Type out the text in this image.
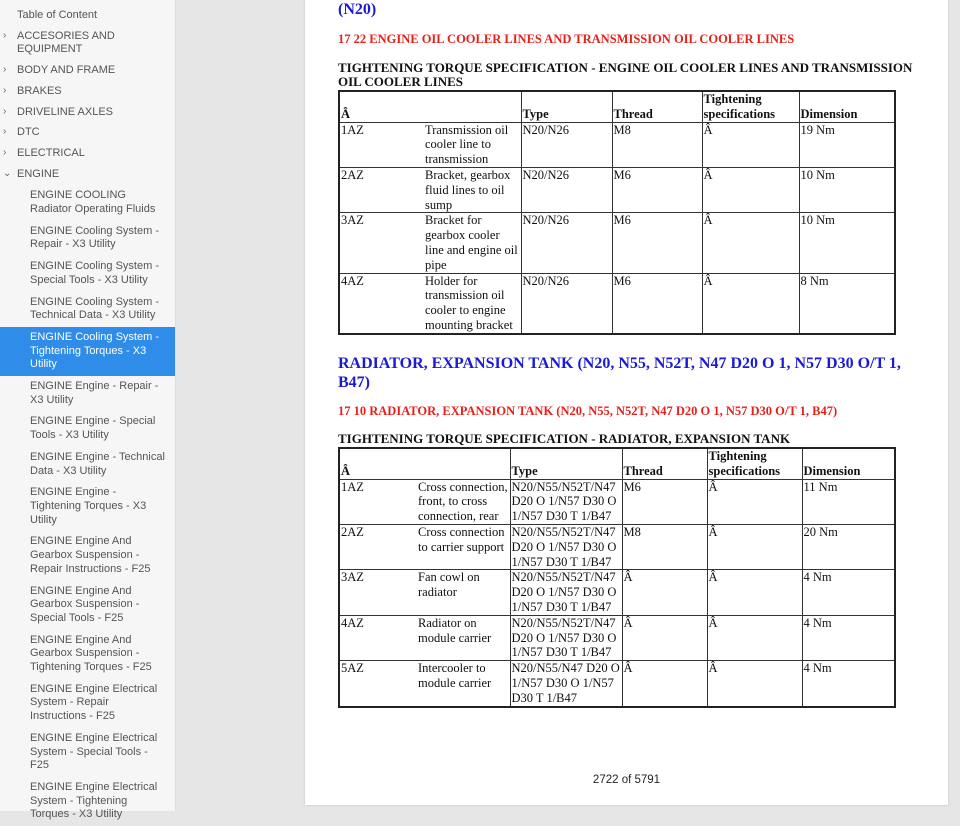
Table of Content
› ACCESORIES AND EQUIPMENT
› BODY AND FRAME
› BRAKES
› DRIVELINE AXLES
› DTC
› ELECTRICAL
⌄ ENGINE
ENGINE COOLING Radiator Operating Fluids
ENGINE Cooling System - Repair - X3 Utility
ENGINE Cooling System - Special Tools - X3 Utility
ENGINE Cooling System - Technical Data - X3 Utility
ENGINE Cooling System - Tightening Torques - X3 Utility
ENGINE Engine - Repair - X3 Utility
ENGINE Engine - Special Tools - X3 Utility
ENGINE Engine - Technical Data - X3 Utility
ENGINE Engine - Tightening Torques - X3 Utility
ENGINE Engine And Gearbox Suspension - Repair Instructions - F25
ENGINE Engine And Gearbox Suspension - Special Tools - F25
ENGINE Engine And Gearbox Suspension - Tightening Torques - F25
ENGINE Engine Electrical System - Repair Instructions - F25
ENGINE Engine Electrical System - Special Tools - F25
ENGINE Engine Electrical System - Tightening Torques - X3 Utility
(N20)
17 22 ENGINE OIL COOLER LINES AND TRANSMISSION OIL COOLER LINES
TIGHTENING TORQUE SPECIFICATION - ENGINE OIL COOLER LINES AND TRANSMISSION OIL COOLER LINES
Â		Type	Thread	Tightening specifications	Dimension
1AZ	Transmission oil cooler line to transmission	N20/N26	M8	Â	19 Nm
2AZ	Bracket, gearbox fluid lines to oil sump	N20/N26	M6	Â	10 Nm
3AZ	Bracket for gearbox cooler line and engine oil pipe	N20/N26	M6	Â	10 Nm
4AZ	Holder for transmission oil cooler to engine mounting bracket	N20/N26	M6	Â	8 Nm
RADIATOR, EXPANSION TANK (N20, N55, N52T, N47 D20 O 1, N57 D30 O/T 1, B47)
17 10 RADIATOR, EXPANSION TANK (N20, N55, N52T, N47 D20 O 1, N57 D30 O/T 1, B47)
TIGHTENING TORQUE SPECIFICATION - RADIATOR, EXPANSION TANK
Â		Type	Thread	Tightening specifications	Dimension
1AZ	Cross connection, front, to cross connection, rear	N20/N55/N52T/N47 D20 O 1/N57 D30 O 1/N57 D30 T 1/B47	M6	Â	11 Nm
2AZ	Cross connection to carrier support	N20/N55/N52T/N47 D20 O 1/N57 D30 O 1/N57 D30 T 1/B47	M8	Â	20 Nm
3AZ	Fan cowl on radiator	N20/N55/N52T/N47 D20 O 1/N57 D30 O 1/N57 D30 T 1/B47	Â	Â	4 Nm
4AZ	Radiator on module carrier	N20/N55/N52T/N47 D20 O 1/N57 D30 O 1/N57 D30 T 1/B47	Â	Â	4 Nm
5AZ	Intercooler to module carrier	N20/N55/N47 D20 O 1/N57 D30 O 1/N57 D30 T 1/B47	Â	Â	4 Nm
2722 of 5791
